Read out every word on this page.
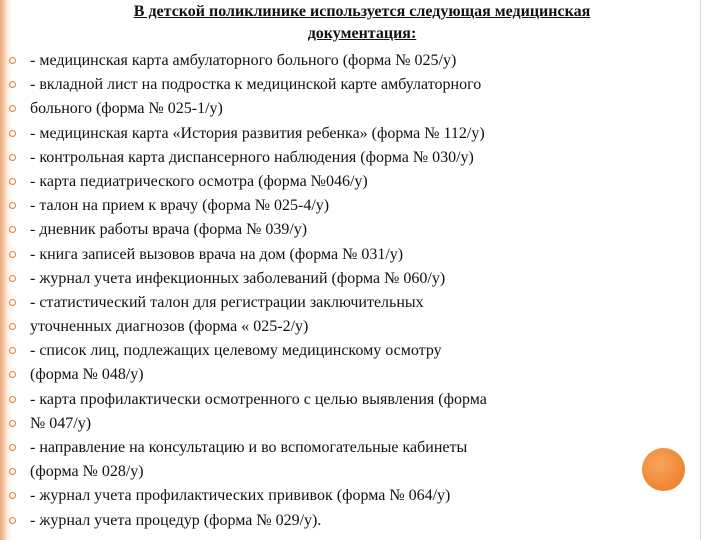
В детской поликлинике используется следующая медицинская
документация:
- медицинская карта амбулаторного больного (форма № 025/у)
- вкладной лист на подростка к медицинской карте амбулаторного
больного (форма № 025-1/у)
- медицинская карта «История развития ребенка» (форма № 112/у)
- контрольная карта диспансерного наблюдения (форма № 030/у)
- карта педиатрического осмотра (форма №046/у)
- талон на прием к врачу (форма № 025-4/у)
- дневник работы врача (форма № 039/у)
- книга записей вызовов врача на дом (форма № 031/у)
- журнал учета инфекционных заболеваний (форма № 060/у)
- статистический талон для регистрации заключительных
уточненных диагнозов (форма « 025-2/у)
- список лиц, подлежащих целевому медицинскому осмотру
(форма № 048/у)
- карта профилактически осмотренного с целью выявления (форма
№ 047/у)
- направление на консультацию и во вспомогательные кабинеты
(форма № 028/у)
- журнал учета профилактических прививок (форма № 064/у)
- журнал учета процедур (форма № 029/у).
